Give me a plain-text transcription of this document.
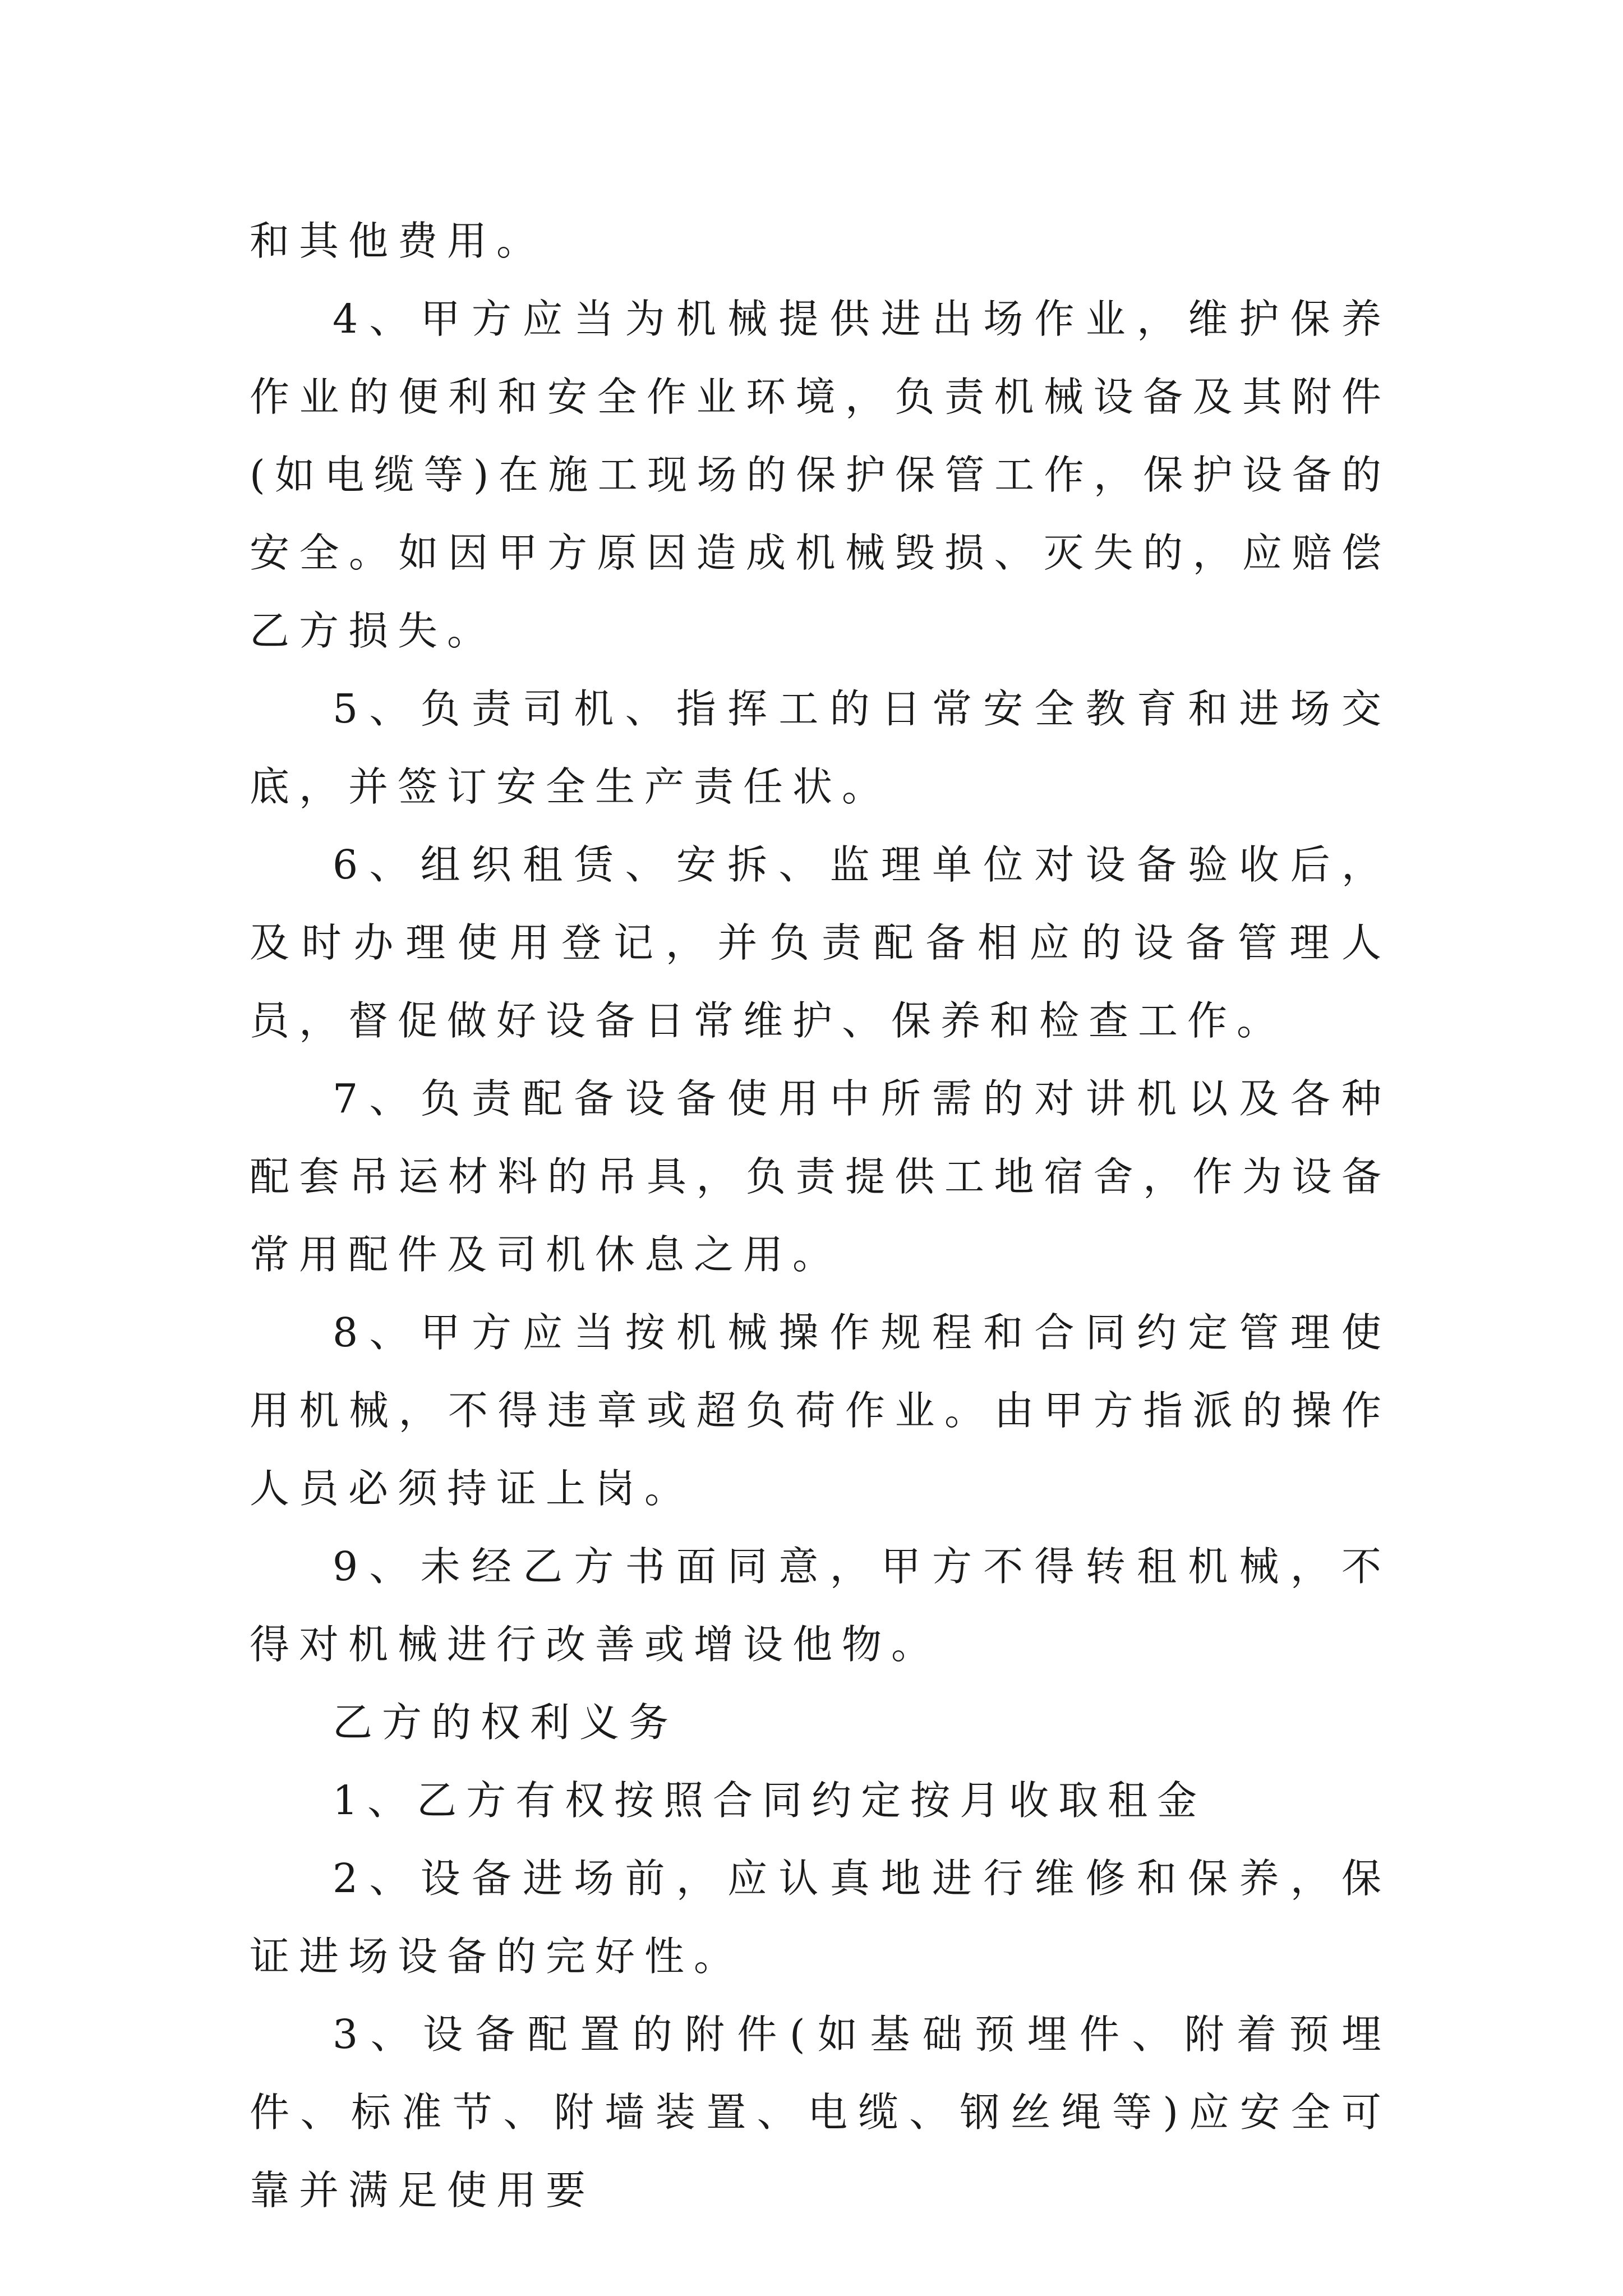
和其他费用。

4、甲方应当为机械提供进出场作业，维护保养作业的便利和安全作业环境，负责机械设备及其附件(如电缆等)在施工现场的保护保管工作，保护设备的安全。如因甲方原因造成机械毁损、灭失的，应赔偿乙方损失。

5、负责司机、指挥工的日常安全教育和进场交底，并签订安全生产责任状。

6、组织租赁、安拆、监理单位对设备验收后，及时办理使用登记，并负责配备相应的设备管理人员，督促做好设备日常维护、保养和检查工作。

7、负责配备设备使用中所需的对讲机以及各种配套吊运材料的吊具，负责提供工地宿舍，作为设备常用配件及司机休息之用。

8、甲方应当按机械操作规程和合同约定管理使用机械，不得违章或超负荷作业。由甲方指派的操作人员必须持证上岗。

9、未经乙方书面同意，甲方不得转租机械，不得对机械进行改善或增设他物。

乙方的权利义务

1、乙方有权按照合同约定按月收取租金

2、设备进场前，应认真地进行维修和保养，保证进场设备的完好性。

3、设备配置的附件(如基础预埋件、附着预埋件、标准节、附墙装置、电缆、钢丝绳等)应安全可靠并满足使用要
